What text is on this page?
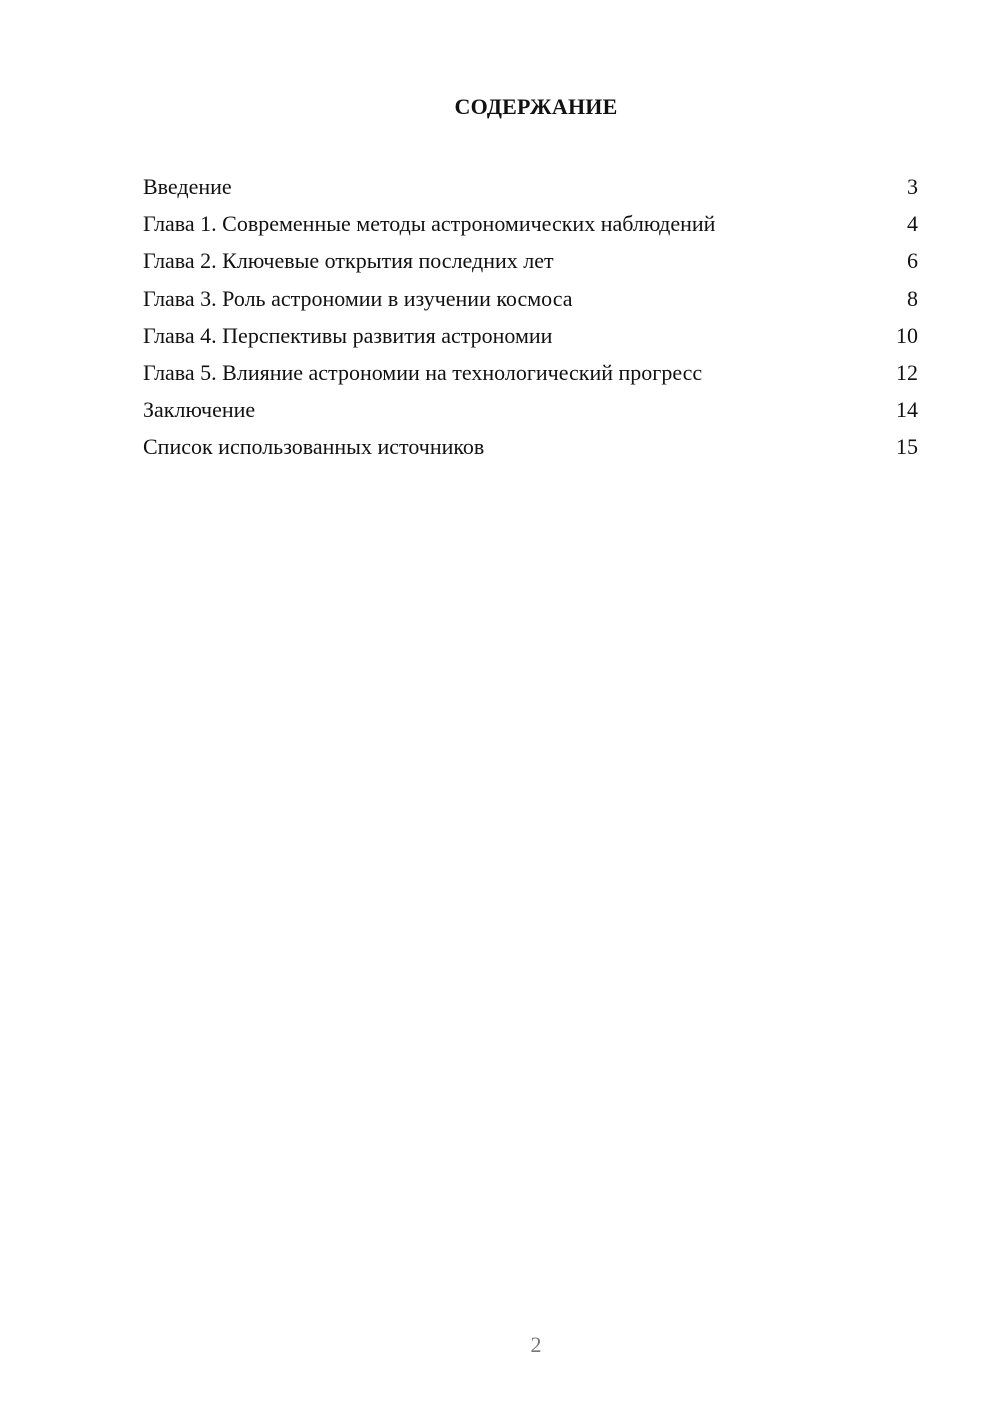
СОДЕРЖАНИЕ
Введение	3
Глава 1. Современные методы астрономических наблюдений	4
Глава 2. Ключевые открытия последних лет	6
Глава 3. Роль астрономии в изучении космоса	8
Глава 4. Перспективы развития астрономии	10
Глава 5. Влияние астрономии на технологический прогресс	12
Заключение	14
Список использованных источников	15
2
